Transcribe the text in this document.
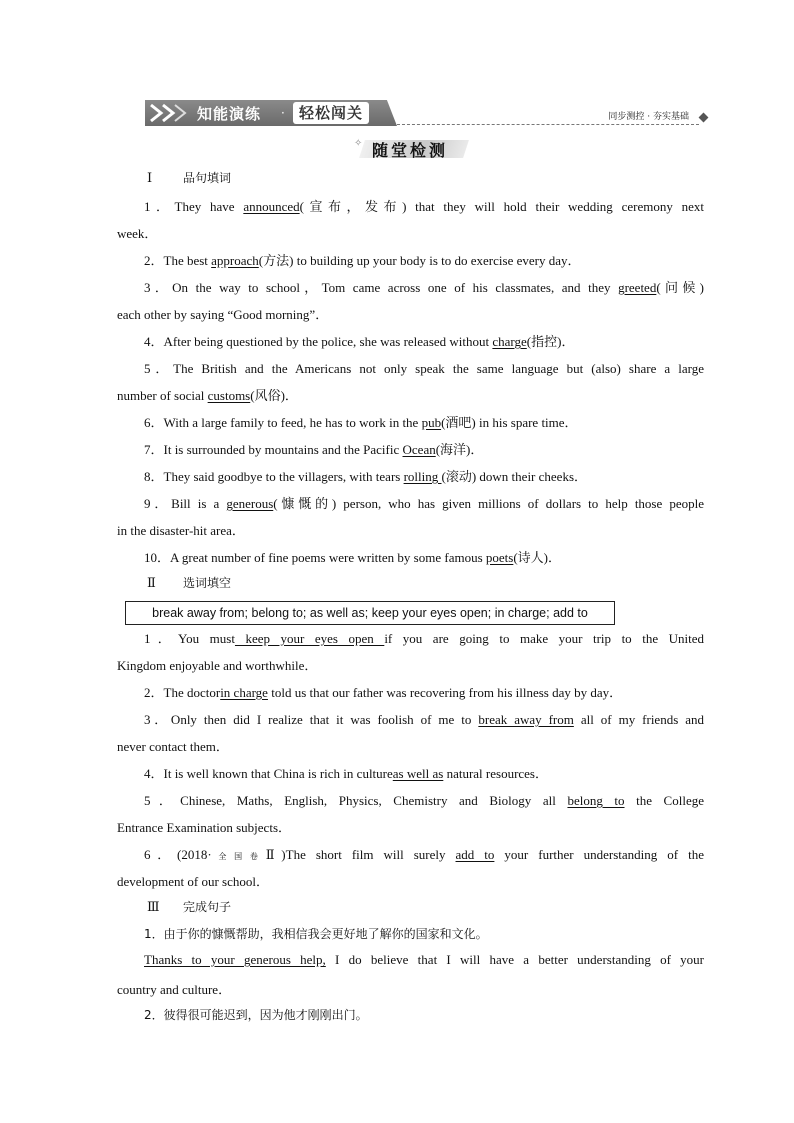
知能演练 · 轻松闯关	同步测控 · 夯实基础
✧ 随堂检测
Ⅰ	品句填词
1．They have announced(宣布，发布) that they will hold their wedding ceremony next
week．
2．The best approach(方法) to building up your body is to do exercise every day．
3．On the way to school，Tom came across one of his classmates, and they greeted(问候)
each other by saying “Good morning”．
4．After being questioned by the police, she was released without charge(指控)．
5．The British and the Americans not only speak the same language but (also) share a large
number of social customs(风俗)．
6．With a large family to feed, he has to work in the pub(酒吧) in his spare time．
7．It is surrounded by mountains and the Pacific Ocean(海洋)．
8．They said goodbye to the villagers, with tears rolling (滚动) down their cheeks．
9．Bill is a generous(慷慨的) person, who has given millions of dollars to help those people
in the disaster-hit area．
10．A great number of fine poems were written by some famous poets(诗人)．
Ⅱ 选词填空
break away from; belong to; as well as; keep your eyes open; in charge; add to
1．You must keep your eyes open if you are going to make your trip to the United
Kingdom enjoyable and worthwhile．
2．The doctorin charge told us that our father was recovering from his illness day by day．
3．Only then did I realize that it was foolish of me to break away from all of my friends and
never contact them．
4．It is well known that China is rich in cultureas well as natural resources．
5．Chinese, Maths, English, Physics, Chemistry and Biology all belong to the College
Entrance Examination subjects．
6．(2018·全国卷Ⅱ)The short film will surely add to your further understanding of the
development of our school．
Ⅲ 完成句子
1．由于你的慷慨帮助，我相信我会更好地了解你的国家和文化。
Thanks to your generous help, I do believe that I will have a better understanding of your
country and culture．
2．彼得很可能迟到，因为他才刚刚出门。
